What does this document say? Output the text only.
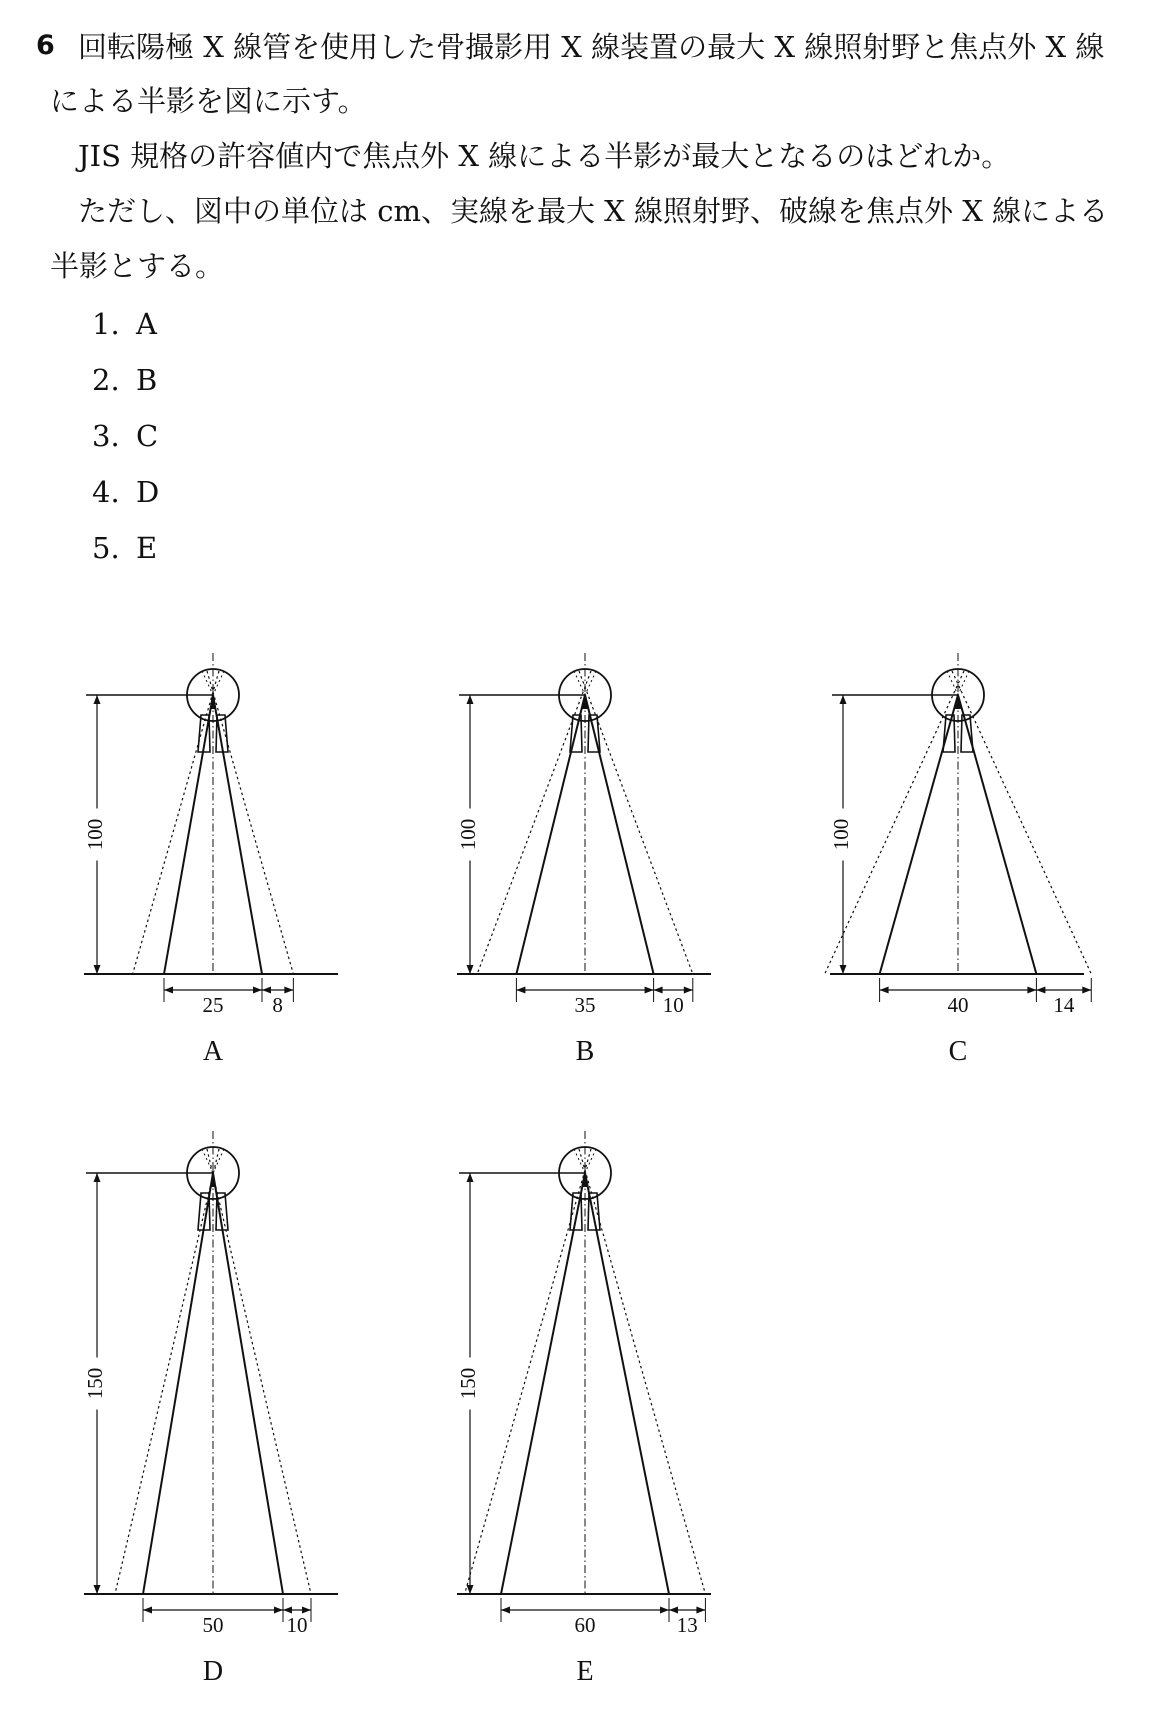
6 回転陽極 X 線管を使用した骨撮影用 X 線装置の最大 X 線照射野と焦点外 X 線
による半影を図に示す。
JIS 規格の許容値内で焦点外 X 線による半影が最大となるのはどれか。
ただし、図中の単位は cm、実線を最大 X 線照射野、破線を焦点外 X 線による
半影とする。
1. A
2. B
3. C
4. D
5. E
100
25 8
A
100
35	10
B
100
40	14
C
150
50	10
D
150
60	13
E
